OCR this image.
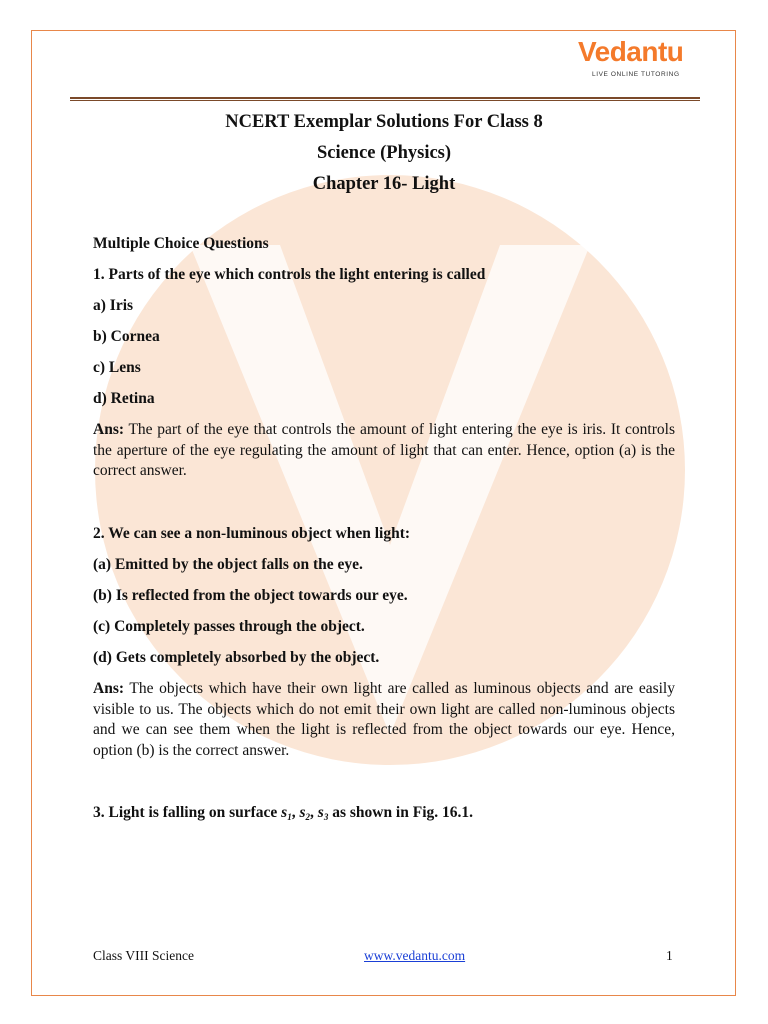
Vedantu
LIVE ONLINE TUTORING

NCERT Exemplar Solutions For Class 8

Science (Physics)

Chapter 16- Light

Multiple Choice Questions
1. Parts of the eye which controls the light entering is called
a) Iris
b) Cornea
c) Lens
d) Retina

Ans: The part of the eye that controls the amount of light entering the eye is iris. It controls the aperture of the eye regulating the amount of light that can enter. Hence, option (a) is the correct answer.

2. We can see a non-luminous object when light:
(a) Emitted by the object falls on the eye.
(b) Is reflected from the object towards our eye.
(c) Completely passes through the object.
(d) Gets completely absorbed by the object.

Ans: The objects which have their own light are called as luminous objects and are easily visible to us. The objects which do not emit their own light are called non-luminous objects and we can see them when the light is reflected from the object towards our eye. Hence, option (b) is the correct answer.

3. Light is falling on surface s1, s2, s3 as shown in Fig. 16.1.
Class VIII Science	www.vedantu.com	1
